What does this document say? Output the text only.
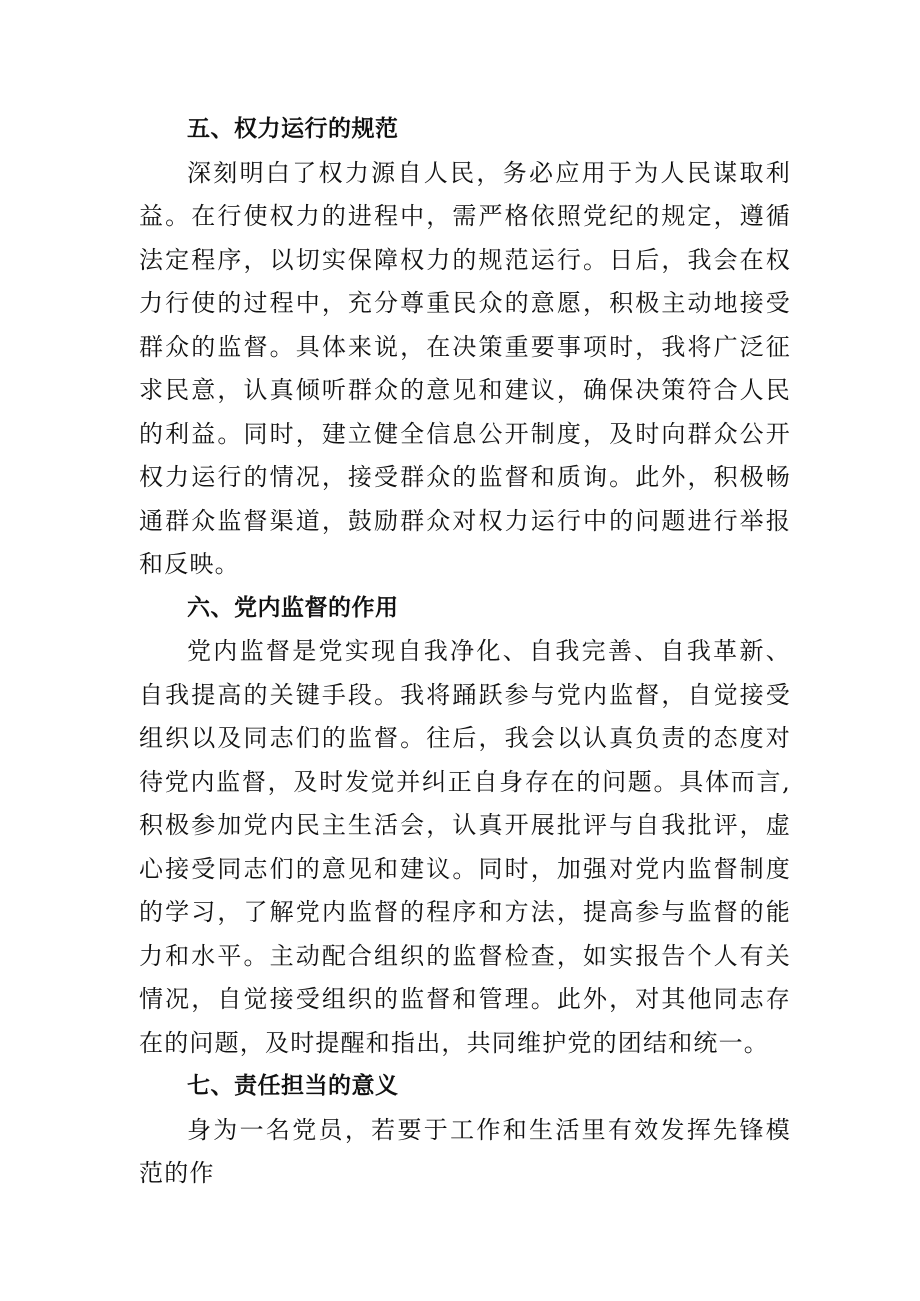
五、权力运行的规范

深刻明白了权力源自人民，务必应用于为人民谋取利益。在行使权力的进程中，需严格依照党纪的规定，遵循法定程序，以切实保障权力的规范运行。日后，我会在权力行使的过程中，充分尊重民众的意愿，积极主动地接受群众的监督。具体来说，在决策重要事项时，我将广泛征求民意，认真倾听群众的意见和建议，确保决策符合人民的利益。同时，建立健全信息公开制度，及时向群众公开权力运行的情况，接受群众的监督和质询。此外，积极畅通群众监督渠道，鼓励群众对权力运行中的问题进行举报和反映。

六、党内监督的作用

党内监督是党实现自我净化、自我完善、自我革新、自我提高的关键手段。我将踊跃参与党内监督，自觉接受组织以及同志们的监督。往后，我会以认真负责的态度对待党内监督，及时发觉并纠正自身存在的问题。具体而言,积极参加党内民主生活会，认真开展批评与自我批评，虚心接受同志们的意见和建议。同时，加强对党内监督制度的学习，了解党内监督的程序和方法，提高参与监督的能力和水平。主动配合组织的监督检查，如实报告个人有关情况，自觉接受组织的监督和管理。此外，对其他同志存在的问题，及时提醒和指出，共同维护党的团结和统一。

七、责任担当的意义

身为一名党员，若要于工作和生活里有效发挥先锋模范的作
